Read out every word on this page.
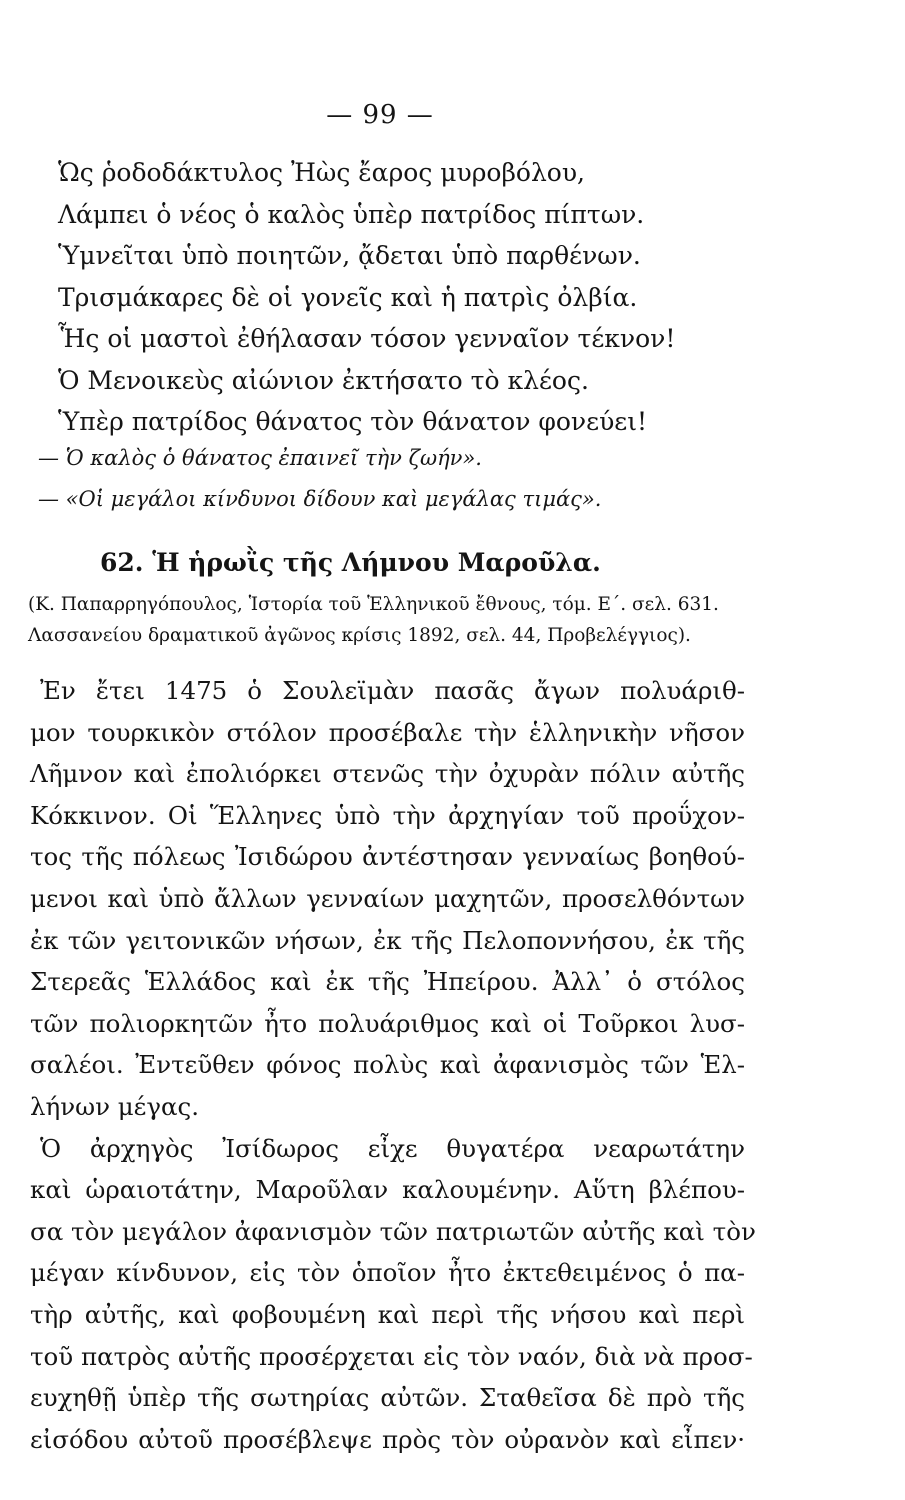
— 99 —
Ὡς ῥοδοδάκτυλος Ἠὼς ἔαρος μυροβόλου,
Λάμπει ὁ νέος ὁ καλὸς ὑπὲρ πατρίδος πίπτων.
Ὑμνεῖται ὑπὸ ποιητῶν, ᾄδεται ὑπὸ παρθένων.
Τρισμάκαρες δὲ οἱ γονεῖς καὶ ἡ πατρὶς ὀλβία.
Ἧς οἱ μαστοὶ ἐθήλασαν τόσον γενναῖον τέκνον!
Ὁ Μενοικεὺς αἰώνιον ἐκτήσατο τὸ κλέος.
Ὑπὲρ πατρίδος θάνατος τὸν θάνατον φονεύει!
— Ὁ καλὸς ὁ θάνατος ἐπαινεῖ τὴν ζωήν».
— «Οἱ μεγάλοι κίνδυνοι δίδουν καὶ μεγάλας τιμάς».
62. Ἡ ἡρωῒς τῆς Λήμνου Μαροῦλα.
(Κ. Παπαρρηγόπουλος, Ἱστορία τοῦ Ἑλληνικοῦ ἔθνους, τόμ. Ε΄. σελ. 631.
Λασσανείου δραματικοῦ ἀγῶνος κρίσις 1892, σελ. 44, Προβελέγγιος).
Ἐν ἔτει 1475 ὁ Σουλεϊμὰν πασᾶς ἄγων πολυάριθ-
μον τουρκικὸν στόλον προσέβαλε τὴν ἑλληνικὴν νῆσον
Λῆμνον καὶ ἐπολιόρκει στενῶς τὴν ὀχυρὰν πόλιν αὐτῆς
Κόκκινον. Οἱ Ἕλληνες ὑπὸ τὴν ἀρχηγίαν τοῦ προΰχον-
τος τῆς πόλεως Ἰσιδώρου ἀντέστησαν γενναίως βοηθού-
μενοι καὶ ὑπὸ ἄλλων γενναίων μαχητῶν, προσελθόντων
ἐκ τῶν γειτονικῶν νήσων, ἐκ τῆς Πελοποννήσου, ἐκ τῆς
Στερεᾶς Ἑλλάδος καὶ ἐκ τῆς Ἠπείρου. Ἀλλ᾽ ὁ στόλος
τῶν πολιορκητῶν ἦτο πολυάριθμος καὶ οἱ Τοῦρκοι λυσ-
σαλέοι. Ἐντεῦθεν φόνος πολὺς καὶ ἀφανισμὸς τῶν Ἑλ-
λήνων μέγας.
Ὁ ἀρχηγὸς Ἰσίδωρος εἶχε θυγατέρα νεαρωτάτην
καὶ ὡραιοτάτην, Μαροῦλαν καλουμένην. Αὕτη βλέπου-
σα τὸν μεγάλον ἀφανισμὸν τῶν πατριωτῶν αὐτῆς καὶ τὸν
μέγαν κίνδυνον, εἰς τὸν ὁποῖον ἦτο ἐκτεθειμένος ὁ πα-
τὴρ αὐτῆς, καὶ φοβουμένη καὶ περὶ τῆς νήσου καὶ περὶ
τοῦ πατρὸς αὐτῆς προσέρχεται εἰς τὸν ναόν, διὰ νὰ προσ-
ευχηθῇ ὑπὲρ τῆς σωτηρίας αὐτῶν. Σταθεῖσα δὲ πρὸ τῆς
εἰσόδου αὐτοῦ προσέβλεψε πρὸς τὸν οὐρανὸν καὶ εἶπεν·
